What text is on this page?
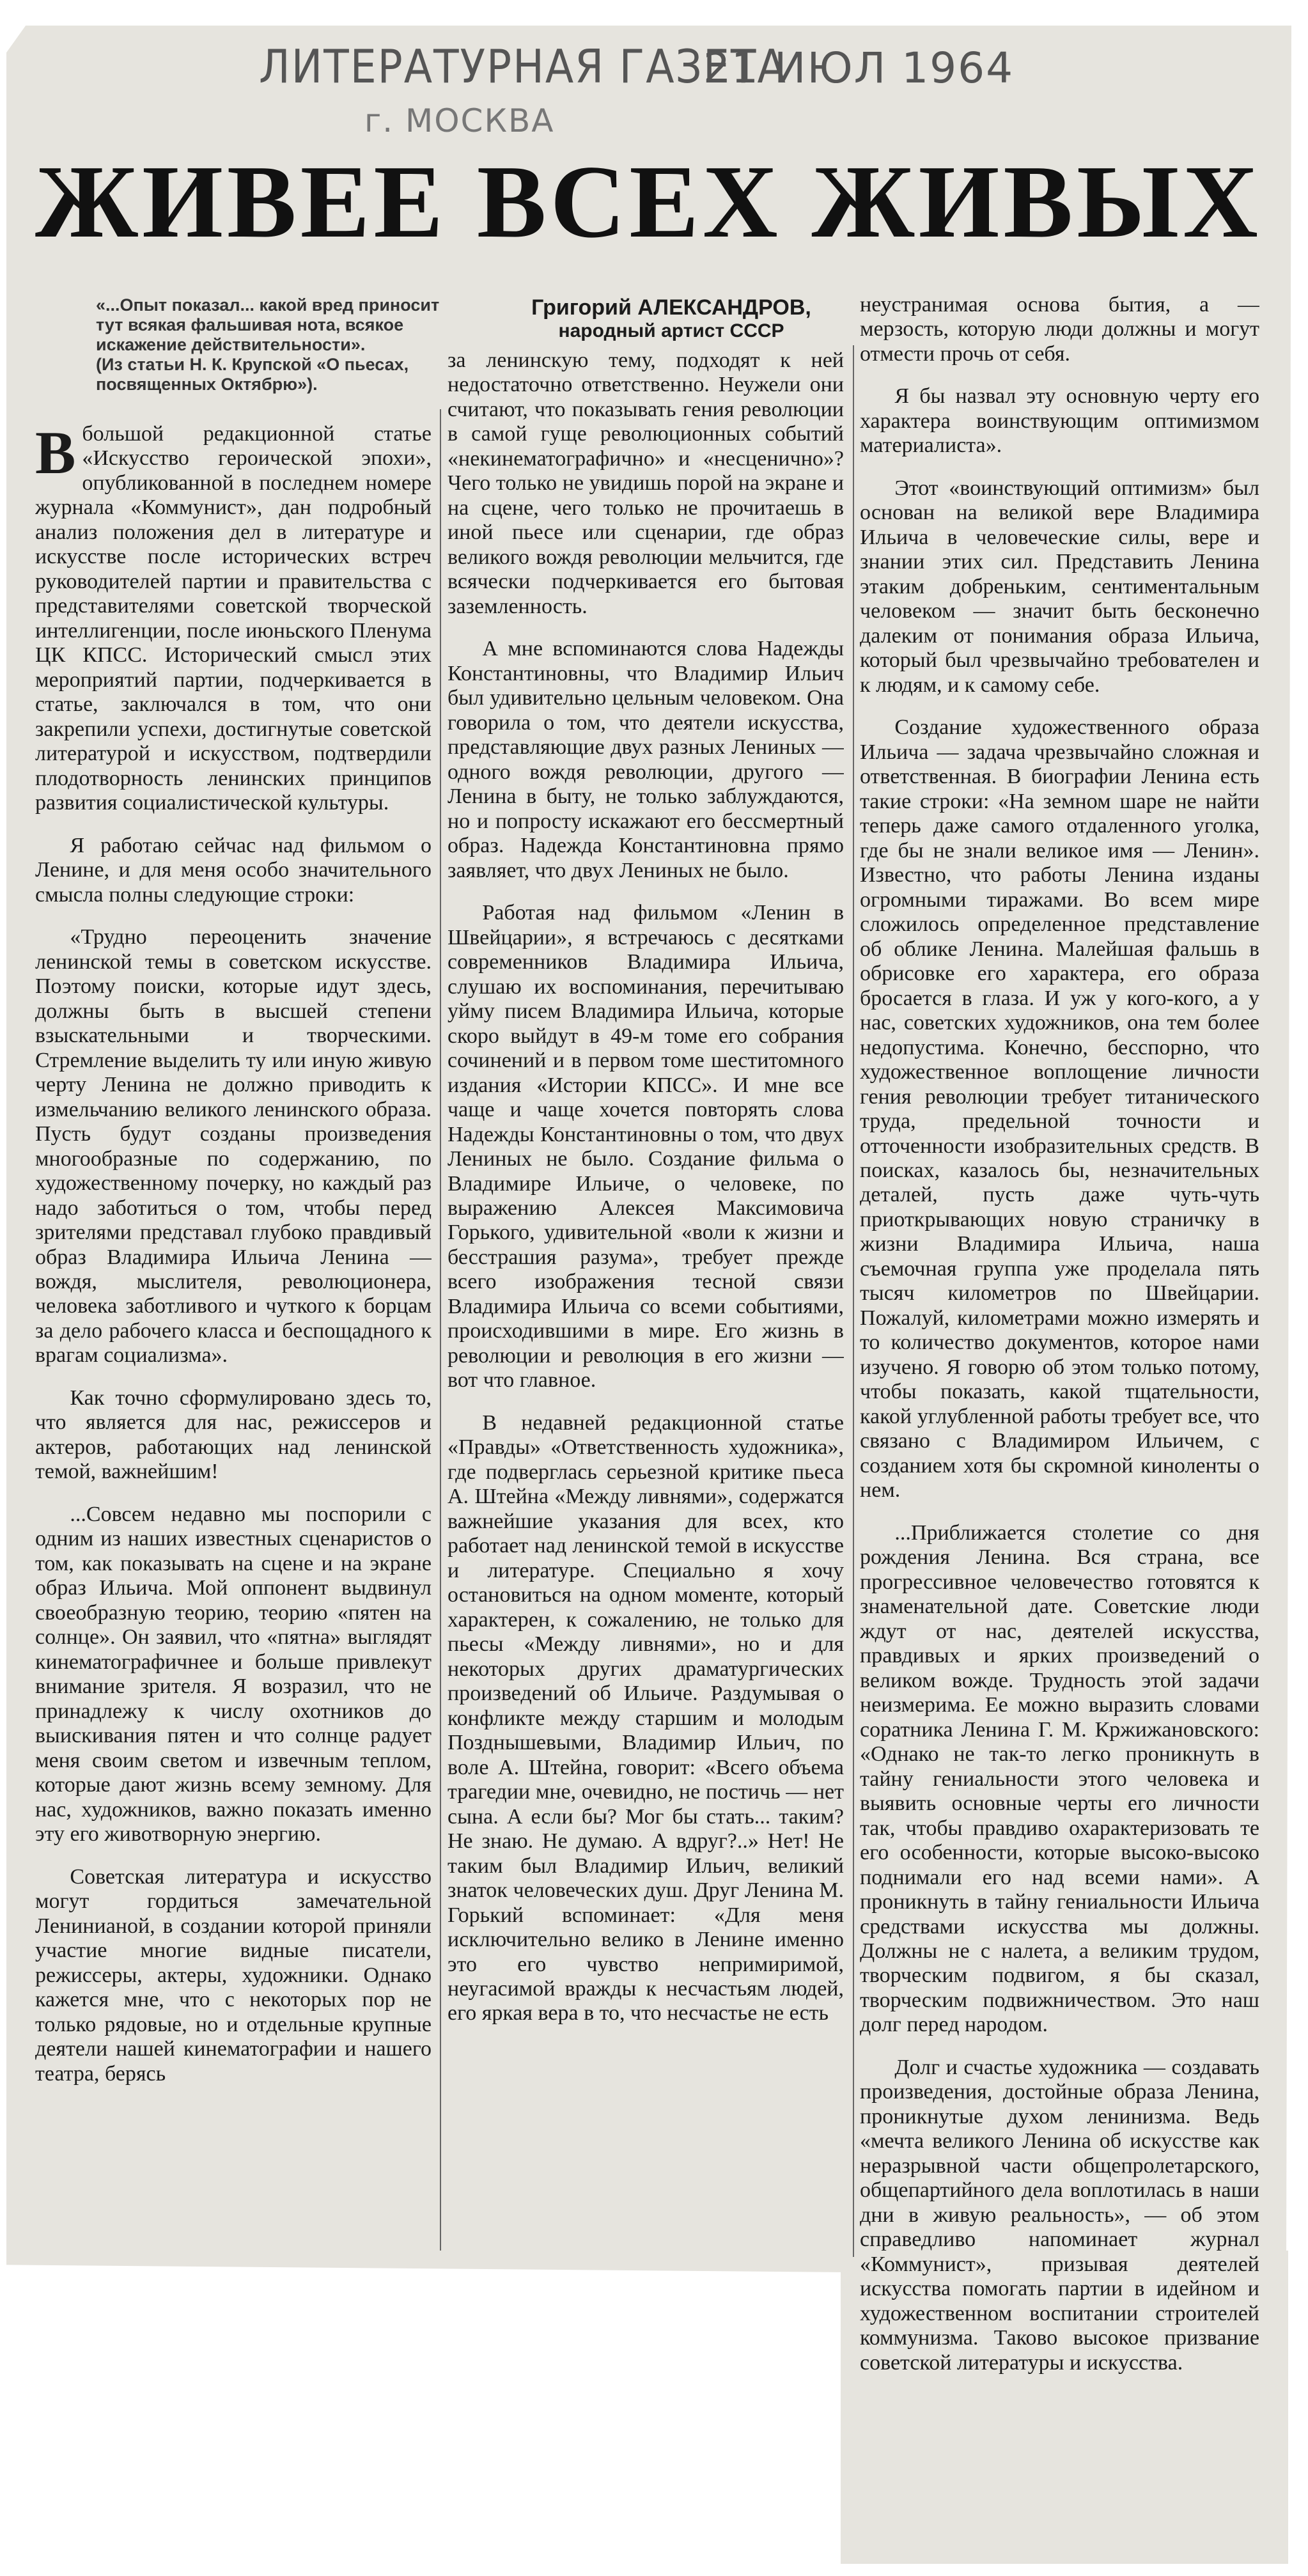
ЛИТЕРАТУРНАЯ ГАЗЕТА
21 ИЮЛ 1964
г. МОСКВА
ЖИВЕЕ ВСЕХ ЖИВЫХ
«...Опыт показал... какой вред приносит тут всякая фальшивая нота, всякое искажение действительности».
(Из статьи Н. К. Крупской «О пьесах, посвященных Октябрю»).
Григорий АЛЕКСАНДРОВ,
народный артист СССР

Вбольшой редакционной статье «Искусство героической эпохи», опубликованной в последнем номере журнала «Коммунист», дан подробный анализ положения дел в литературе и искусстве после исторических встреч руководителей партии и правительства с представителями советской творческой интеллигенции, после июньского Пленума ЦК КПСС. Исторический смысл этих мероприятий партии, подчеркивается в статье, заключался в том, что они закрепили успехи, достигнутые советской литературой и искусством, подтвердили плодотворность ленинских принципов развития социалистической культуры.

Я работаю сейчас над фильмом о Ленине, и для меня особо значительного смысла полны следующие строки:

«Трудно переоценить значение ленинской темы в советском искусстве. Поэтому поиски, которые идут здесь, должны быть в высшей степени взыскательными и творческими. Стремление выделить ту или иную живую черту Ленина не должно приводить к измельчанию великого ленинского образа. Пусть будут созданы произведения многообразные по содержанию, по художественному почерку, но каждый раз надо заботиться о том, чтобы перед зрителями представал глубоко правдивый образ Владимира Ильича Ленина — вождя, мыслителя, революционера, человека заботливого и чуткого к борцам за дело рабочего класса и беспощадного к врагам социализма».

Как точно сформулировано здесь то, что является для нас, режиссеров и актеров, работающих над ленинской темой, важнейшим!

...Совсем недавно мы поспорили с одним из наших известных сценаристов о том, как показывать на сцене и на экране образ Ильича. Мой оппонент выдвинул своеобразную теорию, теорию «пятен на солнце». Он заявил, что «пятна» выглядят кинематографичнее и больше привлекут внимание зрителя. Я возразил, что не принадлежу к числу охотников до выискивания пятен и что солнце радует меня своим светом и извечным теплом, которые дают жизнь всему земному. Для нас, художников, важно показать именно эту его животворную энергию.

Советская литература и искусство могут гордиться замечательной Ленинианой, в создании которой приняли участие многие видные писатели, режиссеры, актеры, художники. Однако кажется мне, что с некоторых пор не только рядовые, но и отдельные крупные деятели нашей кинематографии и нашего театра, берясь

за ленинскую тему, подходят к ней недостаточно ответственно. Неужели они считают, что показывать гения революции в самой гуще революционных событий «некинематографично» и «несценично»? Чего только не увидишь порой на экране и на сцене, чего только не прочитаешь в иной пьесе или сценарии, где образ великого вождя революции мельчится, где всячески подчеркивается его бытовая заземленность.

А мне вспоминаются слова Надежды Константиновны, что Владимир Ильич был удивительно цельным человеком. Она говорила о том, что деятели искусства, представляющие двух разных Лениных — одного вождя революции, другого — Ленина в быту, не только заблуждаются, но и попросту искажают его бессмертный образ. Надежда Константиновна прямо заявляет, что двух Лениных не было.

Работая над фильмом «Ленин в Швейцарии», я встречаюсь с десятками современников Владимира Ильича, слушаю их воспоминания, перечитываю уйму писем Владимира Ильича, которые скоро выйдут в 49-м томе его собрания сочинений и в первом томе шеститомного издания «Истории КПСС». И мне все чаще и чаще хочется повторять слова Надежды Константиновны о том, что двух Лениных не было. Создание фильма о Владимире Ильиче, о человеке, по выражению Алексея Максимовича Горького, удивительной «воли к жизни и бесстрашия разума», требует прежде всего изображения тесной связи Владимира Ильича со всеми событиями, происходившими в мире. Его жизнь в революции и революция в его жизни — вот что главное.

В недавней редакционной статье «Правды» «Ответственность художника», где подверглась серьезной критике пьеса А. Штейна «Между ливнями», содержатся важнейшие указания для всех, кто работает над ленинской темой в искусстве и литературе. Специально я хочу остановиться на одном моменте, который характерен, к сожалению, не только для пьесы «Между ливнями», но и для некоторых других драматургических произведений об Ильиче. Раздумывая о конфликте между старшим и молодым Позднышевыми, Владимир Ильич, по воле А. Штейна, говорит: «Всего объема трагедии мне, очевидно, не постичь — нет сына. А если бы? Мог бы стать... таким? Не знаю. Не думаю. А вдруг?..» Нет! Не таким был Владимир Ильич, великий знаток человеческих душ. Друг Ленина М. Горький вспоминает: «Для меня исключительно велико в Ленине именно это его чувство непримиримой, неугасимой вражды к несчастьям людей, его яркая вера в то, что несчастье не есть

неустранимая основа бытия, а — мерзость, которую люди должны и могут отмести прочь от себя.

Я бы назвал эту основную черту его характера воинствующим оптимизмом материалиста».

Этот «воинствующий оптимизм» был основан на великой вере Владимира Ильича в человеческие силы, вере и знании этих сил. Представить Ленина этаким добреньким, сентиментальным человеком — значит быть бесконечно далеким от понимания образа Ильича, который был чрезвычайно требователен и к людям, и к самому себе.

Создание художественного образа Ильича — задача чрезвычайно сложная и ответственная. В биографии Ленина есть такие строки: «На земном шаре не найти теперь даже самого отдаленного уголка, где бы не знали великое имя — Ленин». Известно, что работы Ленина изданы огромными тиражами. Во всем мире сложилось определенное представление об облике Ленина. Малейшая фальшь в обрисовке его характера, его образа бросается в глаза. И уж у кого-кого, а у нас, советских художников, она тем более недопустима. Конечно, бесспорно, что художественное воплощение личности гения революции требует титанического труда, предельной точности и отточенности изобразительных средств. В поисках, казалось бы, незначительных деталей, пусть даже чуть-чуть приоткрывающих новую страничку в жизни Владимира Ильича, наша съемочная группа уже проделала пять тысяч километров по Швейцарии. Пожалуй, километрами можно измерять и то количество документов, которое нами изучено. Я говорю об этом только потому, чтобы показать, какой тщательности, какой углубленной работы требует все, что связано с Владимиром Ильичем, с созданием хотя бы скромной киноленты о нем.

...Приближается столетие со дня рождения Ленина. Вся страна, все прогрессивное человечество готовятся к знаменательной дате. Советские люди ждут от нас, деятелей искусства, правдивых и ярких произведений о великом вожде. Трудность этой задачи неизмерима. Ее можно выразить словами соратника Ленина Г. М. Кржижановского: «Однако не так-то легко проникнуть в тайну гениальности этого человека и выявить основные черты его личности так, чтобы правдиво охарактеризовать те его особенности, которые высоко-высоко поднимали его над всеми нами». А проникнуть в тайну гениальности Ильича средствами искусства мы должны. Должны не с налета, а великим трудом, творческим подвигом, я бы сказал, творческим подвижничеством. Это наш долг перед народом.

Долг и счастье художника — создавать произведения, достойные образа Ленина, проникнутые духом ленинизма. Ведь «мечта великого Ленина об искусстве как неразрывной части общепролетарского, общепартийного дела воплотилась в наши дни в живую реальность», — об этом справедливо напоминает журнал «Коммунист», призывая деятелей искусства помогать партии в идейном и художественном воспитании строителей коммунизма. Таково высокое призвание советской литературы и искусства.
